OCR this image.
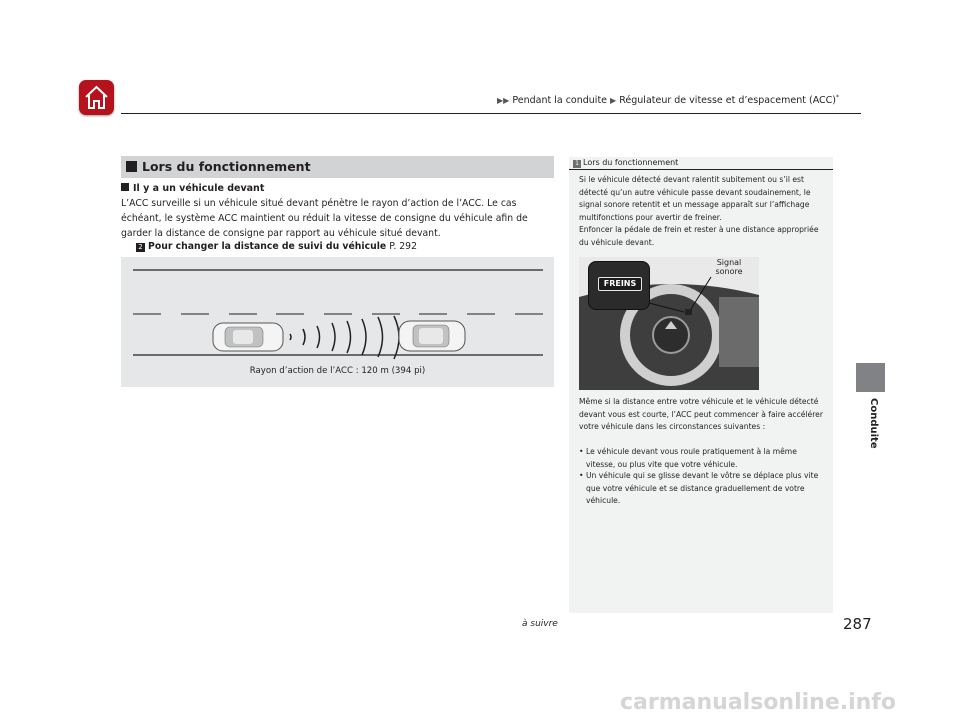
▶▶ Pendant la conduite ▶ Régulateur de vitesse et d’espacement (ACC)*
Conduite
Lors du fonctionnement
Il y a un véhicule devant
L’ACC surveille si un véhicule situé devant pénètre le rayon d’action de l’ACC. Le cas échéant, le système ACC maintient ou réduit la vitesse de consigne du véhicule afin de garder la distance de consigne par rapport au véhicule situé devant.
2 Pour changer la distance de suivi du véhicule P. 292
Rayon d’action de l’ACC : 120 m (394 pi)
1 Lors du fonctionnement
Si le véhicule détecté devant ralentit subitement ou s’il est détecté qu’un autre véhicule passe devant soudainement, le signal sonore retentit et un message apparaît sur l’affichage multifonctions pour avertir de freiner.
Enfoncer la pédale de frein et rester à une distance appropriée du véhicule devant.
FREINS
Signal sonore
Même si la distance entre votre véhicule et le véhicule détecté devant vous est courte, l’ACC peut commencer à faire accélérer votre véhicule dans les circonstances suivantes :
• Le véhicule devant vous roule pratiquement à la même vitesse, ou plus vite que votre véhicule.
• Un véhicule qui se glisse devant le vôtre se déplace plus vite que votre véhicule et se distance graduellement de votre véhicule.
à suivre	287
carmanualsonline.info
